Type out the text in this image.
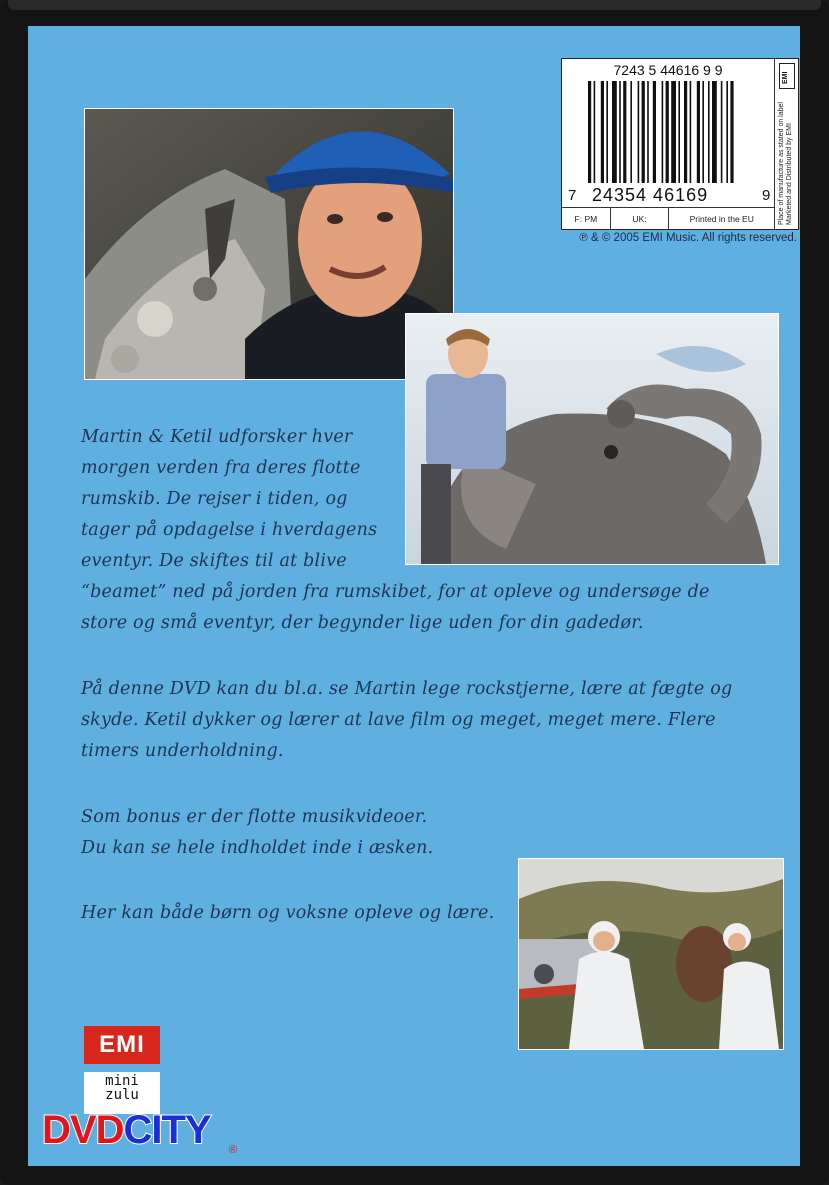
7243 5 44616 9 9
7 24354 46169	9
F: PM	UK:	Printed in the EU
EMI
Place of manufacture as stated on label Marketed and Distributed by EMI
℗ & © 2005 EMI Music. All rights reserved.
Martin & Ketil udforsker hver
morgen verden fra deres flotte
rumskib. De rejser i tiden, og
tager på opdagelse i hverdagens
eventyr. De skiftes til at blive
“beamet” ned på jorden fra rumskibet, for at opleve og undersøge de
store og små eventyr, der begynder lige uden for din gadedør.
På denne DVD kan du bl.a. se Martin lege rockstjerne, lære at fægte og
skyde. Ketil dykker og lærer at lave film og meget, meget mere. Flere
timers underholdning.
Som bonus er der flotte musikvideoer.
Du kan se hele indholdet inde i æsken.
Her kan både børn og voksne opleve og lære.
EMI
mini zulu
DVDCITY ®
